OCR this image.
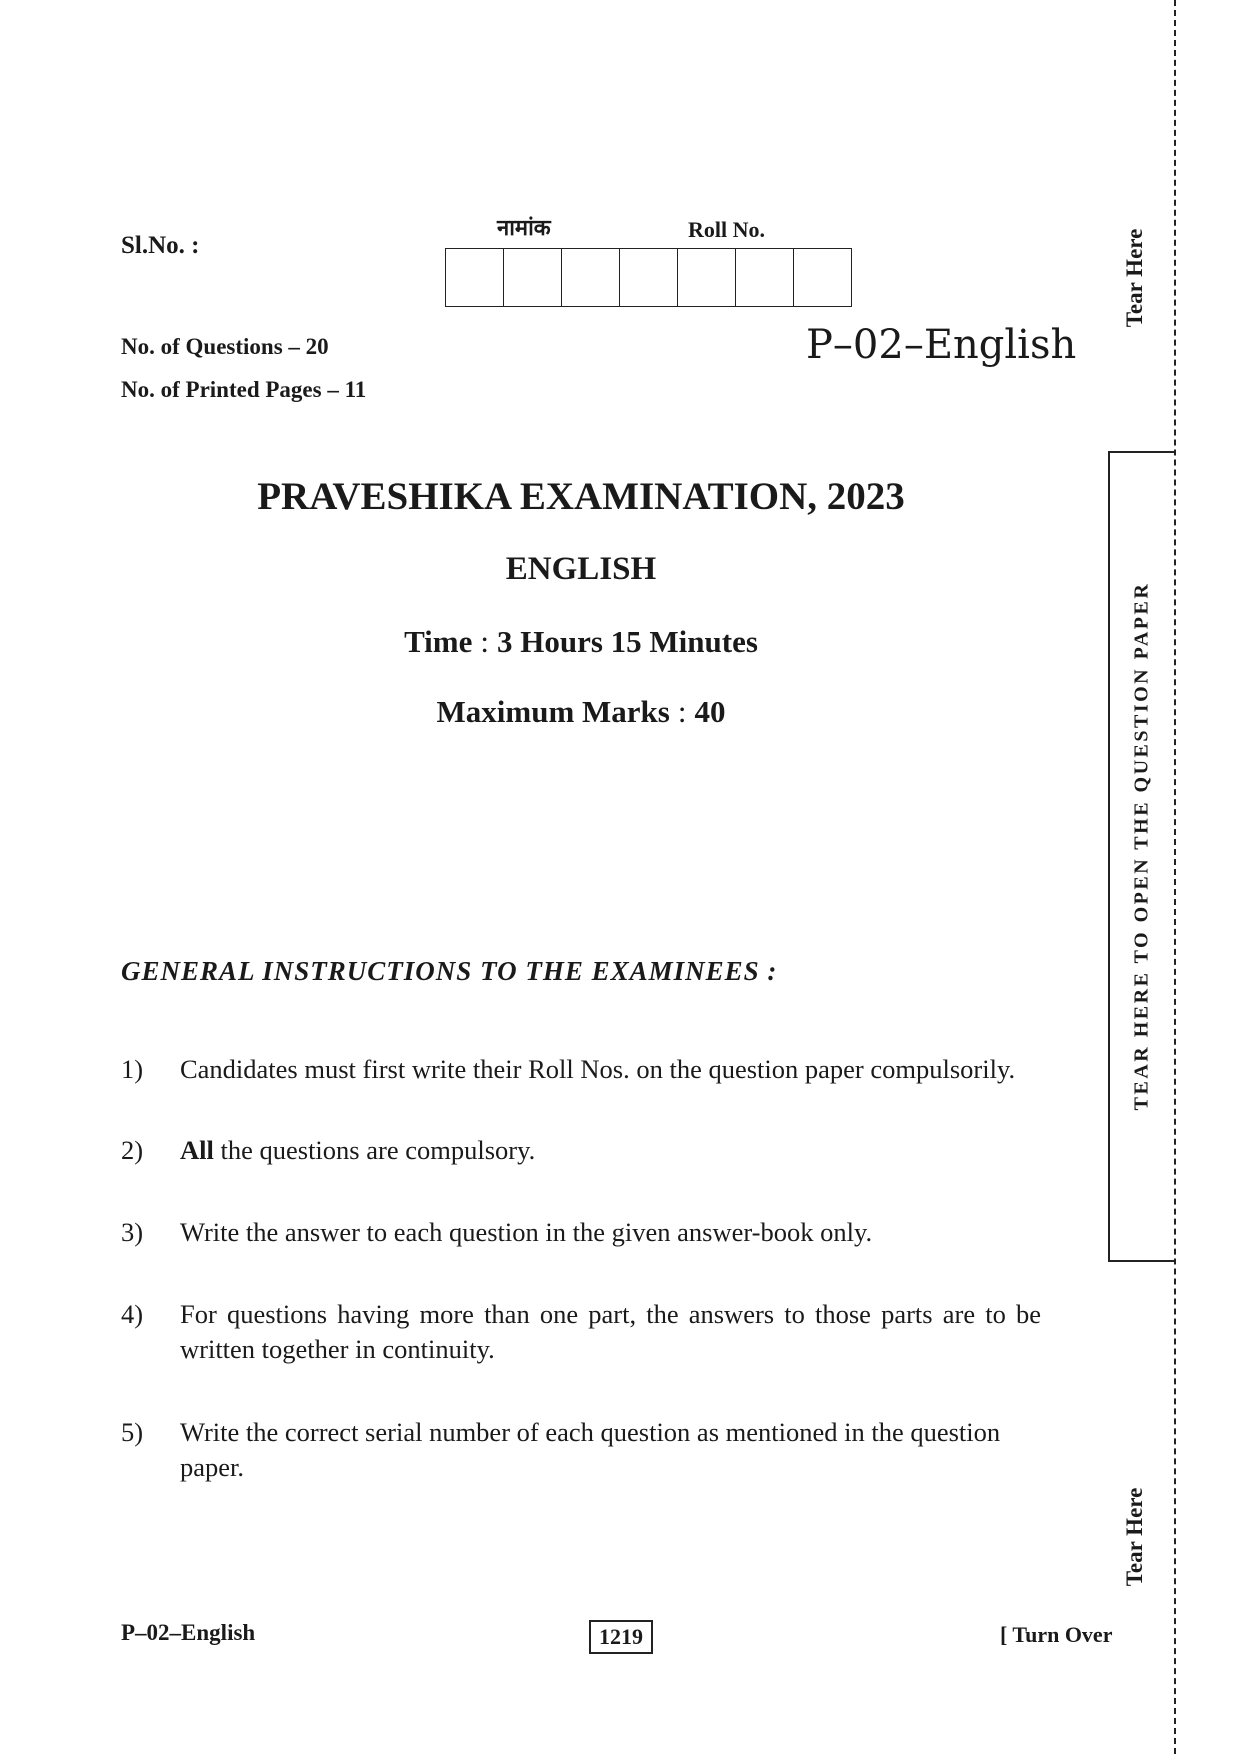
Sl.No. :
नामांक	Roll No.
No. of Questions – 20
No. of Printed Pages – 11
P–02–English
PRAVESHIKA EXAMINATION, 2023
ENGLISH
Time : 3 Hours 15 Minutes
Maximum Marks : 40
GENERAL INSTRUCTIONS TO THE EXAMINEES :
1)	Candidates must first write their Roll Nos. on the question paper compulsorily.
2)	All the questions are compulsory.
3)	Write the answer to each question in the given answer-book only.
4)	For questions having more than one part, the answers to those parts are to be written together in continuity.
5)	Write the correct serial number of each question as mentioned in the question paper.
P–02–English	1219	[ Turn Over
Tear Here
TEAR HERE TO OPEN THE QUESTION PAPER
Tear Here
